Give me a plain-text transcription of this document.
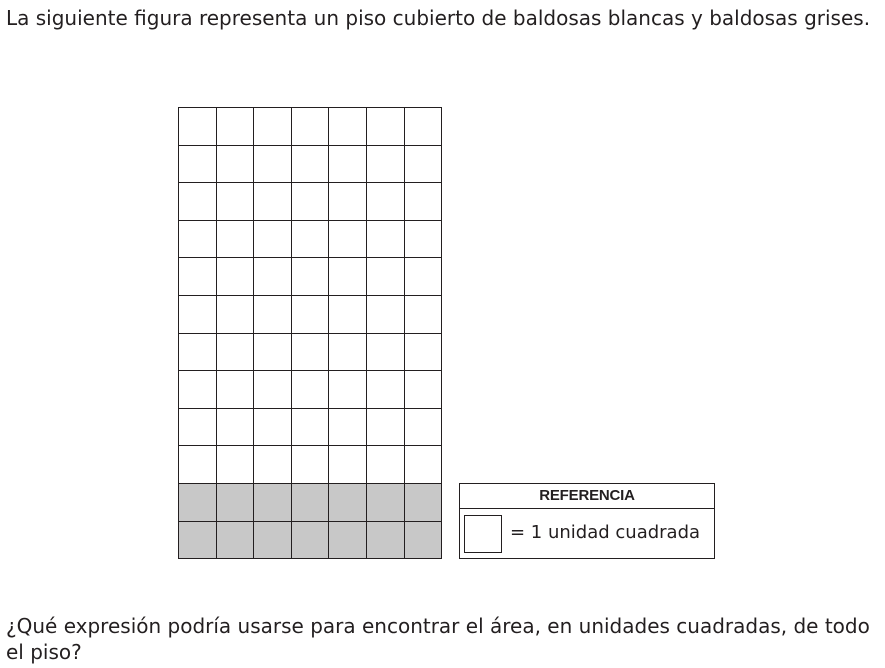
La siguiente figura representa un piso cubierto de baldosas blancas y baldosas grises.

REFERENCIA
= 1 unidad cuadrada

¿Qué expresión podría usarse para encontrar el área, en unidades cuadradas, de todo el piso?
